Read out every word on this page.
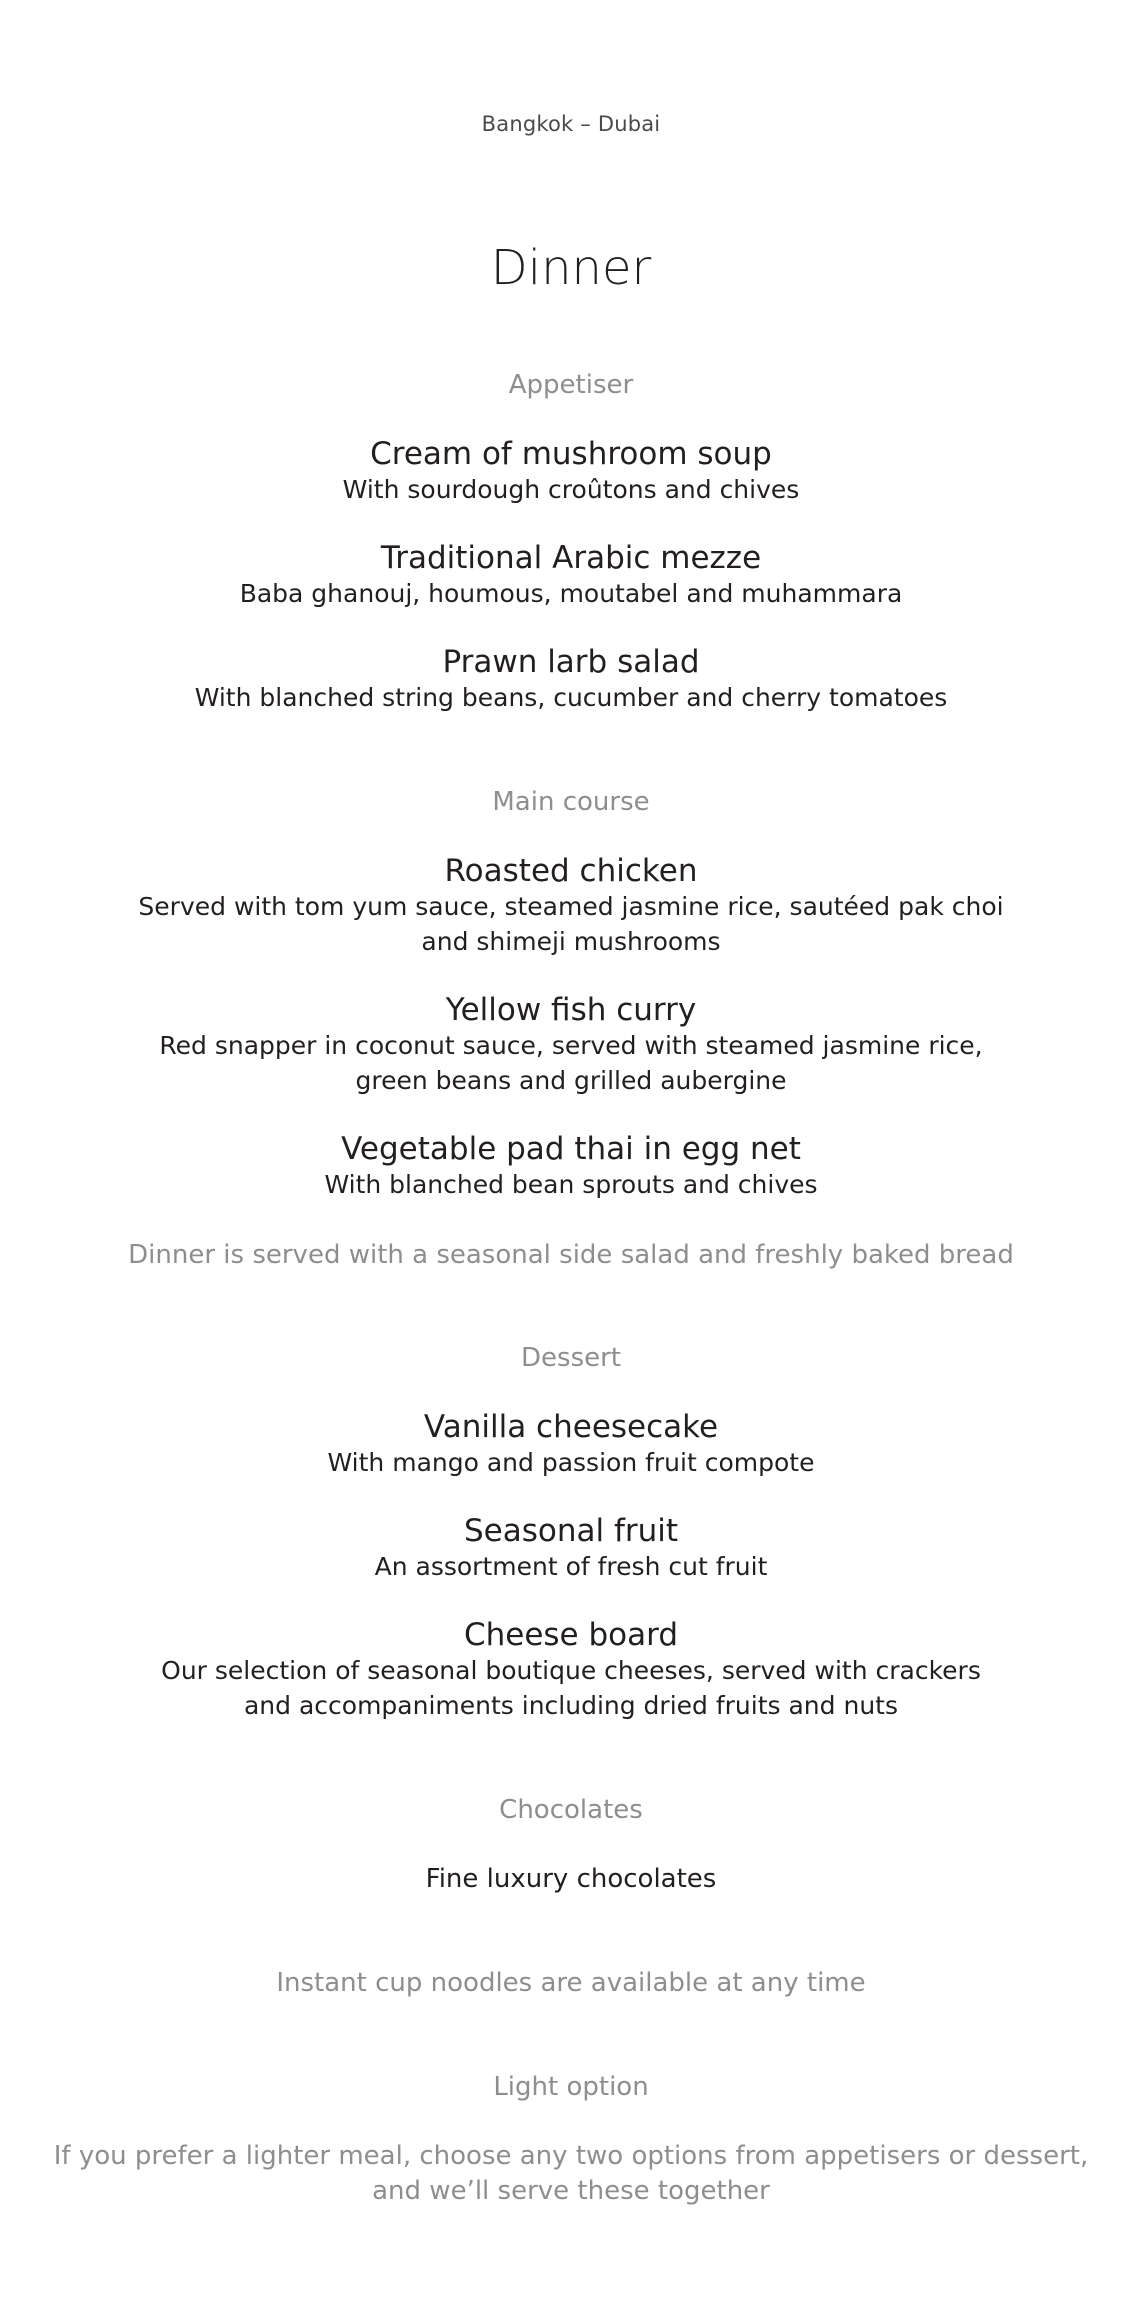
Bangkok – Dubai
Dinner
Appetiser
Cream of mushroom soup
With sourdough croûtons and chives
Traditional Arabic mezze
Baba ghanouj, houmous, moutabel and muhammara
Prawn larb salad
With blanched string beans, cucumber and cherry tomatoes
Main course
Roasted chicken
Served with tom yum sauce, steamed jasmine rice, sautéed pak choi
and shimeji mushrooms
Yellow fish curry
Red snapper in coconut sauce, served with steamed jasmine rice,
green beans and grilled aubergine
Vegetable pad thai in egg net
With blanched bean sprouts and chives
Dinner is served with a seasonal side salad and freshly baked bread
Dessert
Vanilla cheesecake
With mango and passion fruit compote
Seasonal fruit
An assortment of fresh cut fruit
Cheese board
Our selection of seasonal boutique cheeses, served with crackers
and accompaniments including dried fruits and nuts
Chocolates
Fine luxury chocolates
Instant cup noodles are available at any time
Light option
If you prefer a lighter meal, choose any two options from appetisers or dessert,
and we’ll serve these together
